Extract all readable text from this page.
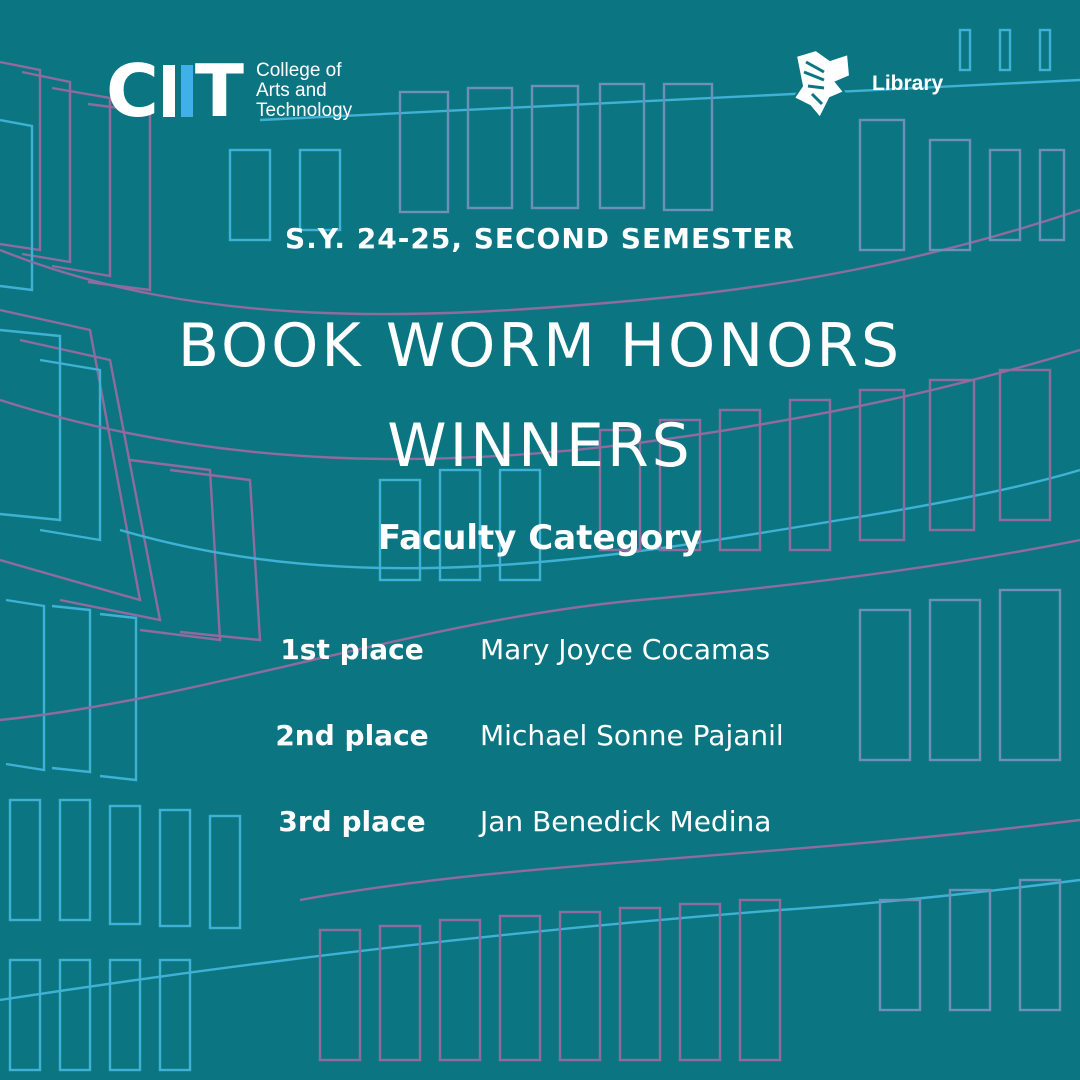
C T College of
Arts and
Technology
Library
S.Y. 24-25, SECOND SEMESTER
BOOK WORM HONORS
WINNERS
Faculty Category
1st place	Mary Joyce Cocamas
2nd place	Michael Sonne Pajanil
3rd place	Jan Benedick Medina
